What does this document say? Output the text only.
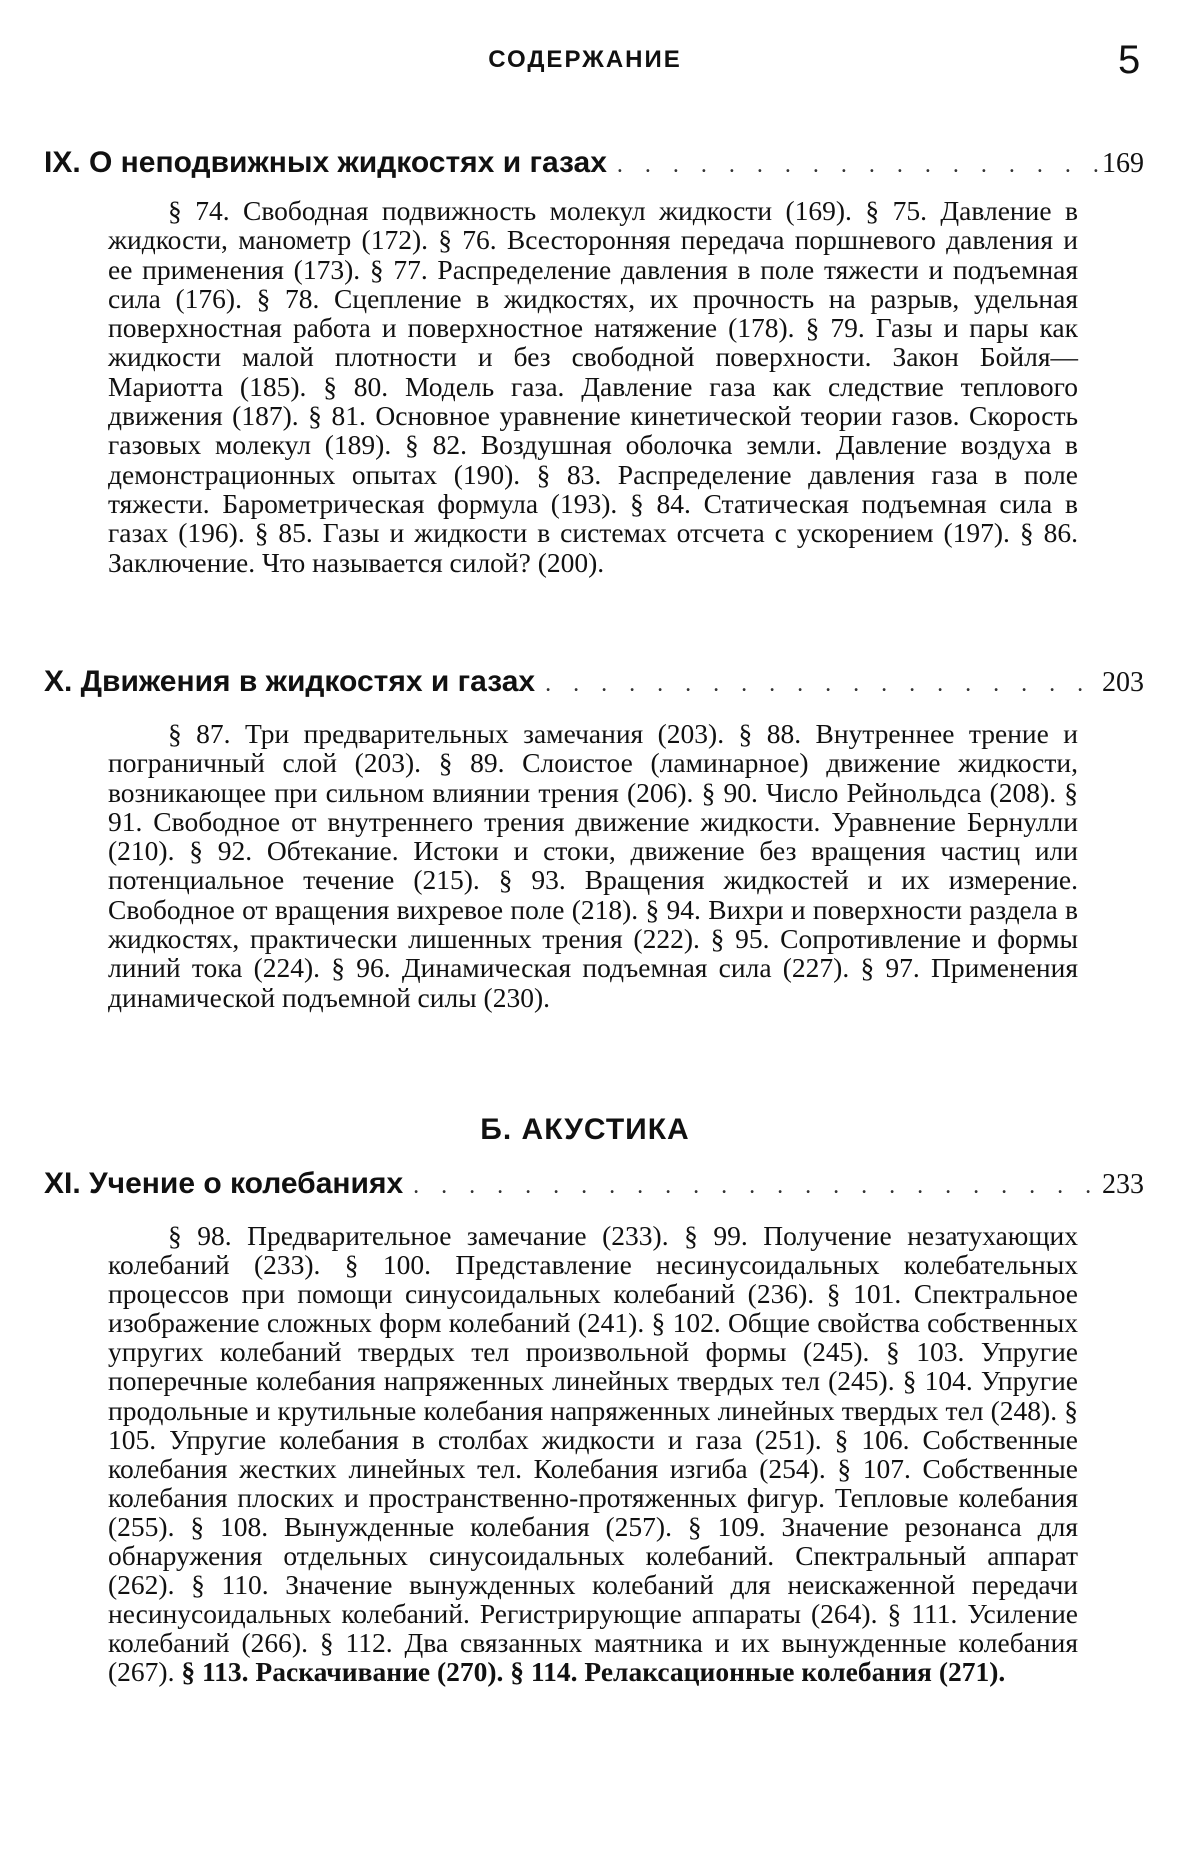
СОДЕРЖАНИЕ	5
IX. О неподвижных жидкостях и газах . . .	169

§ 74. Свободная подвижность молекул жидкости (169). § 75. Давление в жидкости, манометр (172). § 76. Всесторонняя передача поршневого давления и ее применения (173). § 77. Распределение давления в поле тяжести и подъемная сила (176). § 78. Сцепление в жидкостях, их прочность на разрыв, удельная поверхностная работа и поверхностное натяжение (178). § 79. Газы и пары как жидкости малой плотности и без свободной поверхности. Закон Бойля—Мариотта (185). § 80. Модель газа. Давление газа как следствие теплового движения (187). § 81. Основное уравнение кинетической теории газов. Скорость газовых молекул (189). § 82. Воздушная оболочка земли. Давление воздуха в демонстрационных опытах (190). § 83. Распределение давления газа в поле тяжести. Барометрическая формула (193). § 84. Статическая подъемная сила в газах (196). § 85. Газы и жидкости в системах отсчета с ускорением (197). § 86. Заключение. Что называется силой? (200).

X. Движения в жидкостях и газах . . .	203

§ 87. Три предварительных замечания (203). § 88. Внутреннее трение и пограничный слой (203). § 89. Слоистое (ламинарное) движение жидкости, возникающее при сильном влиянии трения (206). § 90. Число Рейнольдса (208). § 91. Свободное от внутреннего трения движение жидкости. Уравнение Бернулли (210). § 92. Обтекание. Истоки и стоки, движение без вращения частиц или потенциальное течение (215). § 93. Вращения жидкостей и их измерение. Свободное от вращения вихревое поле (218). § 94. Вихри и поверхности раздела в жидкостях, практически лишенных трения (222). § 95. Сопротивление и формы линий тока (224). § 96. Динамическая подъемная сила (227). § 97. Применения динамической подъемной силы (230).

Б. АКУСТИКА
XI. Учение о колебаниях . . .	233

§ 98. Предварительное замечание (233). § 99. Получение незатухающих колебаний (233). § 100. Представление несинусоидальных колебательных процессов при помощи синусоидальных колебаний (236). § 101. Спектральное изображение сложных форм колебаний (241). § 102. Общие свойства собственных упругих колебаний твердых тел произвольной формы (245). § 103. Упругие поперечные колебания напряженных линейных твердых тел (245). § 104. Упругие продольные и крутильные колебания напряженных линейных твердых тел (248). § 105. Упругие колебания в столбах жидкости и газа (251). § 106. Собственные колебания жестких линейных тел. Колебания изгиба (254). § 107. Собственные колебания плоских и пространственно-протяженных фигур. Тепловые колебания (255). § 108. Вынужденные колебания (257). § 109. Значение резонанса для обнаружения отдельных синусоидальных колебаний. Спектральный аппарат (262). § 110. Значение вынужденных колебаний для неискаженной передачи несинусоидальных колебаний. Регистрирующие аппараты (264). § 111. Усиление колебаний (266). § 112. Два связанных маятника и их вынужденные колебания (267). § 113. Раскачивание (270). § 114. Релаксационные колебания (271).
